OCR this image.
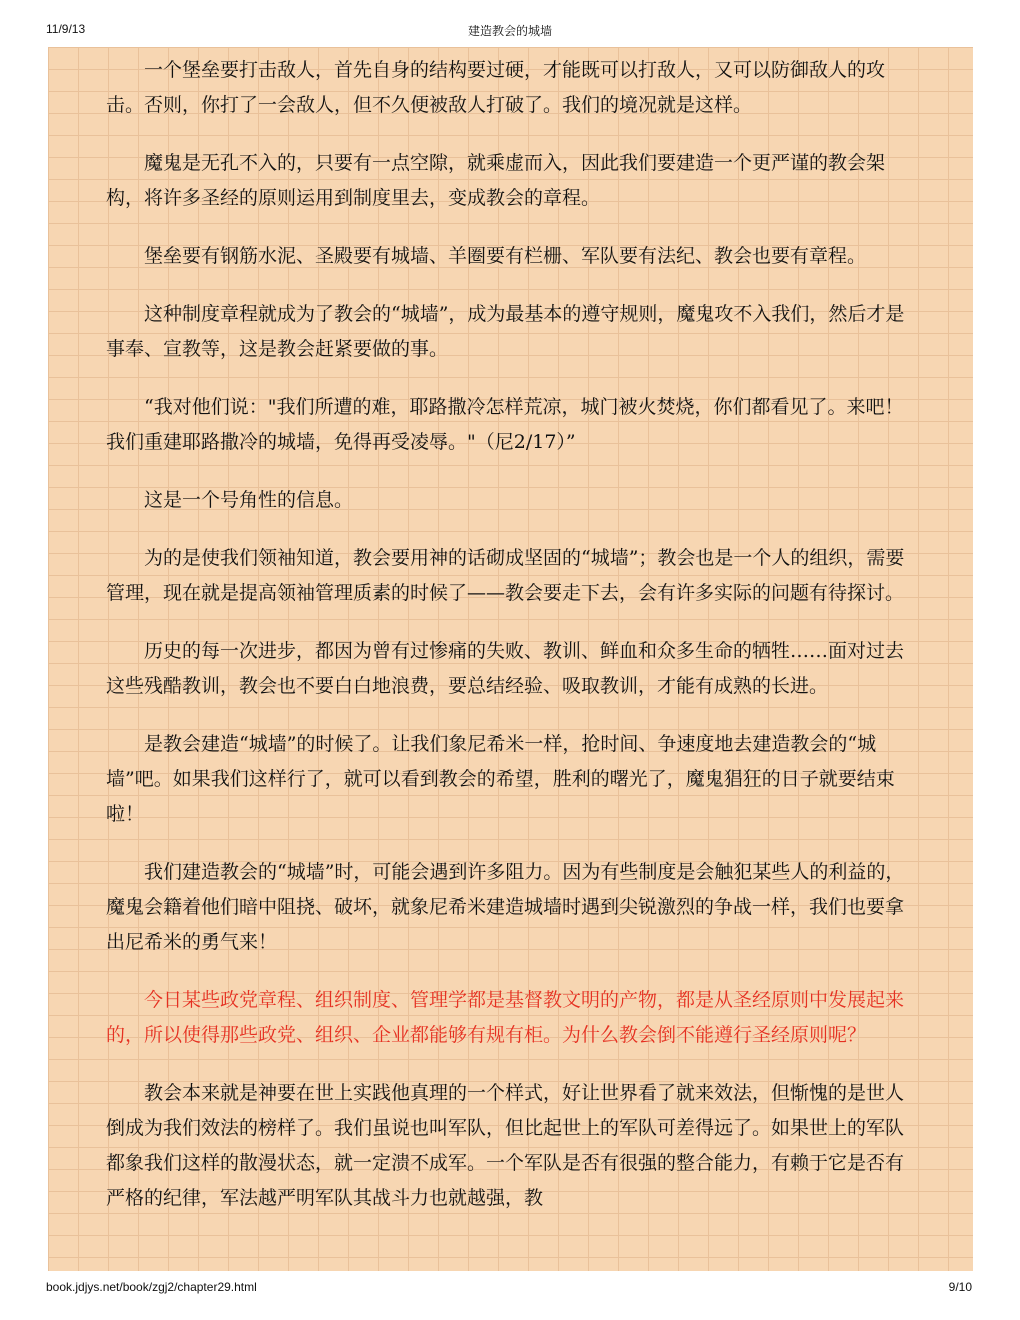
11/9/13	建造教会的城墙

一个堡垒要打击敌人，首先自身的结构要过硬，才能既可以打敌人，又可以防御敌人的攻击。否则，你打了一会敌人，但不久便被敌人打破了。我们的境况就是这样。

魔鬼是无孔不入的，只要有一点空隙，就乘虚而入，因此我们要建造一个更严谨的教会架构，将许多圣经的原则运用到制度里去，变成教会的章程。

堡垒要有钢筋水泥、圣殿要有城墙、羊圈要有栏栅、军队要有法纪、教会也要有章程。

这种制度章程就成为了教会的“城墙”，成为最基本的遵守规则，魔鬼攻不入我们，然后才是事奉、宣教等，这是教会赶紧要做的事。

“我对他们说："我们所遭的难，耶路撒冷怎样荒凉，城门被火焚烧，你们都看见了。来吧！我们重建耶路撒冷的城墙，免得再受凌辱。"（尼2/17）”

这是一个号角性的信息。

为的是使我们领袖知道，教会要用神的话砌成坚固的“城墙”；教会也是一个人的组织，需要管理，现在就是提高领袖管理质素的时候了——教会要走下去，会有许多实际的问题有待探讨。

历史的每一次进步，都因为曾有过惨痛的失败、教训、鲜血和众多生命的牺牲……面对过去这些残酷教训，教会也不要白白地浪费，要总结经验、吸取教训，才能有成熟的长进。

是教会建造“城墙”的时候了。让我们象尼希米一样，抢时间、争速度地去建造教会的“城墙”吧。如果我们这样行了，就可以看到教会的希望，胜利的曙光了，魔鬼猖狂的日子就要结束啦！

我们建造教会的“城墙”时，可能会遇到许多阻力。因为有些制度是会触犯某些人的利益的，魔鬼会籍着他们暗中阻挠、破坏，就象尼希米建造城墙时遇到尖锐激烈的争战一样，我们也要拿出尼希米的勇气来！

今日某些政党章程、组织制度、管理学都是基督教文明的产物，都是从圣经原则中发展起来的，所以使得那些政党、组织、企业都能够有规有柜。为什么教会倒不能遵行圣经原则呢？

教会本来就是神要在世上实践他真理的一个样式，好让世界看了就来效法，但惭愧的是世人倒成为我们效法的榜样了。我们虽说也叫军队，但比起世上的军队可差得远了。如果世上的军队都象我们这样的散漫状态，就一定溃不成军。一个军队是否有很强的整合能力，有赖于它是否有严格的纪律，军法越严明军队其战斗力也就越强，教

book.jdjys.net/book/zgj2/chapter29.html	9/10
